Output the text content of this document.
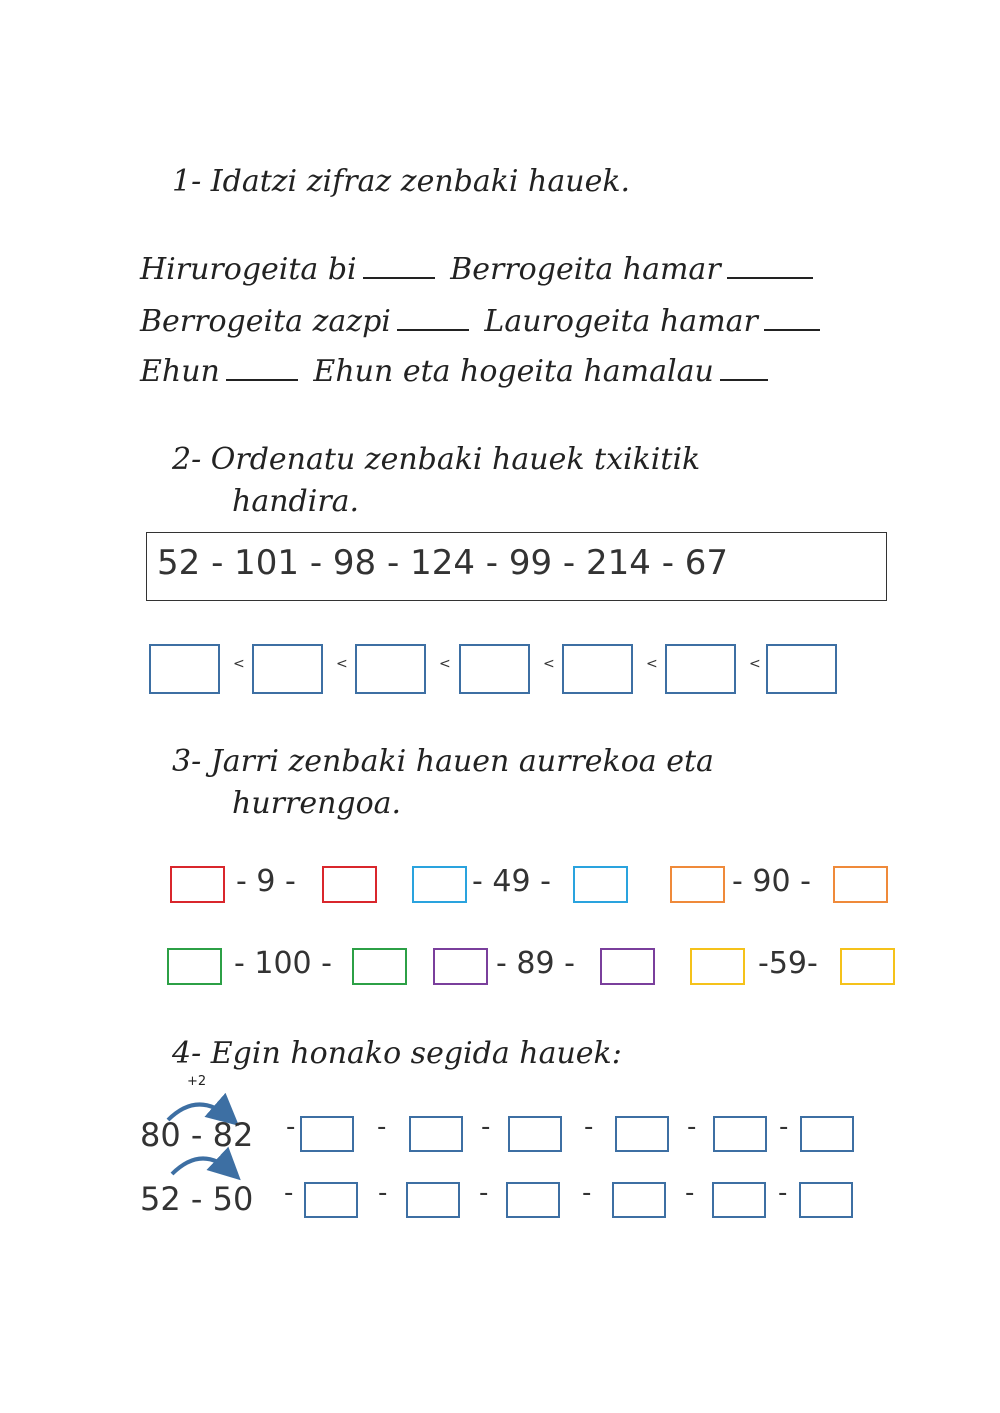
1- Idatzi zifraz zenbaki hauek.
Hirurogeita bi	Berrogeita hamar
Berrogeita zazpi	Laurogeita hamar
Ehun	Ehun eta hogeita hamalau
2- Ordenatu zenbaki hauek txikitik
handira.
52 - 101 - 98 - 124 - 99 - 214 - 67
<	<	<	<	<	<
3- Jarri zenbaki hauen aurrekoa eta
hurrengoa.
- 9 -	- 49 -	- 90 -
- 100 -	- 89 -	-59-
4- Egin honako segida hauek:
+2
80 - 82
52 - 50
-	-	-	-	-	-
-	-	-	-	-	-
